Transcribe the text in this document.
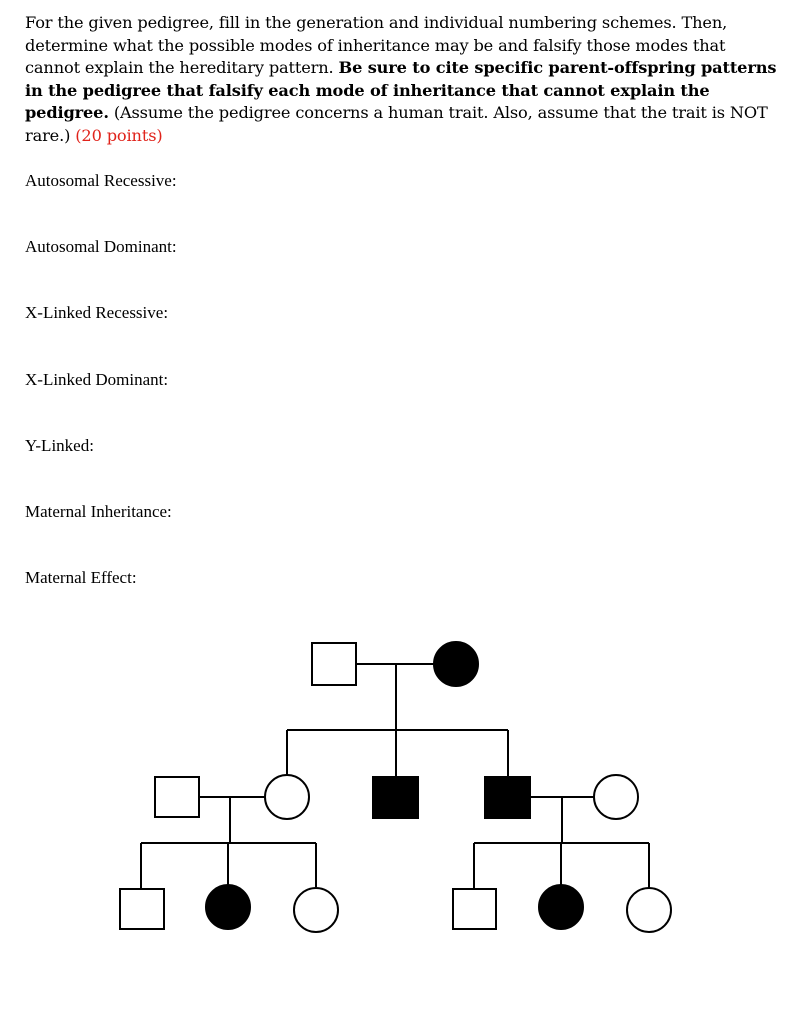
For the given pedigree, fill in the generation and individual numbering schemes. Then, determine what the possible modes of inheritance may be and falsify those modes that cannot explain the hereditary pattern. Be sure to cite specific parent-offspring patterns in the pedigree that falsify each mode of inheritance that cannot explain the pedigree. (Assume the pedigree concerns a human trait. Also, assume that the trait is NOT rare.) (20 points)

Autosomal Recessive:

Autosomal Dominant:

X-Linked Recessive:

X-Linked Dominant:

Y-Linked:

Maternal Inheritance:

Maternal Effect:
